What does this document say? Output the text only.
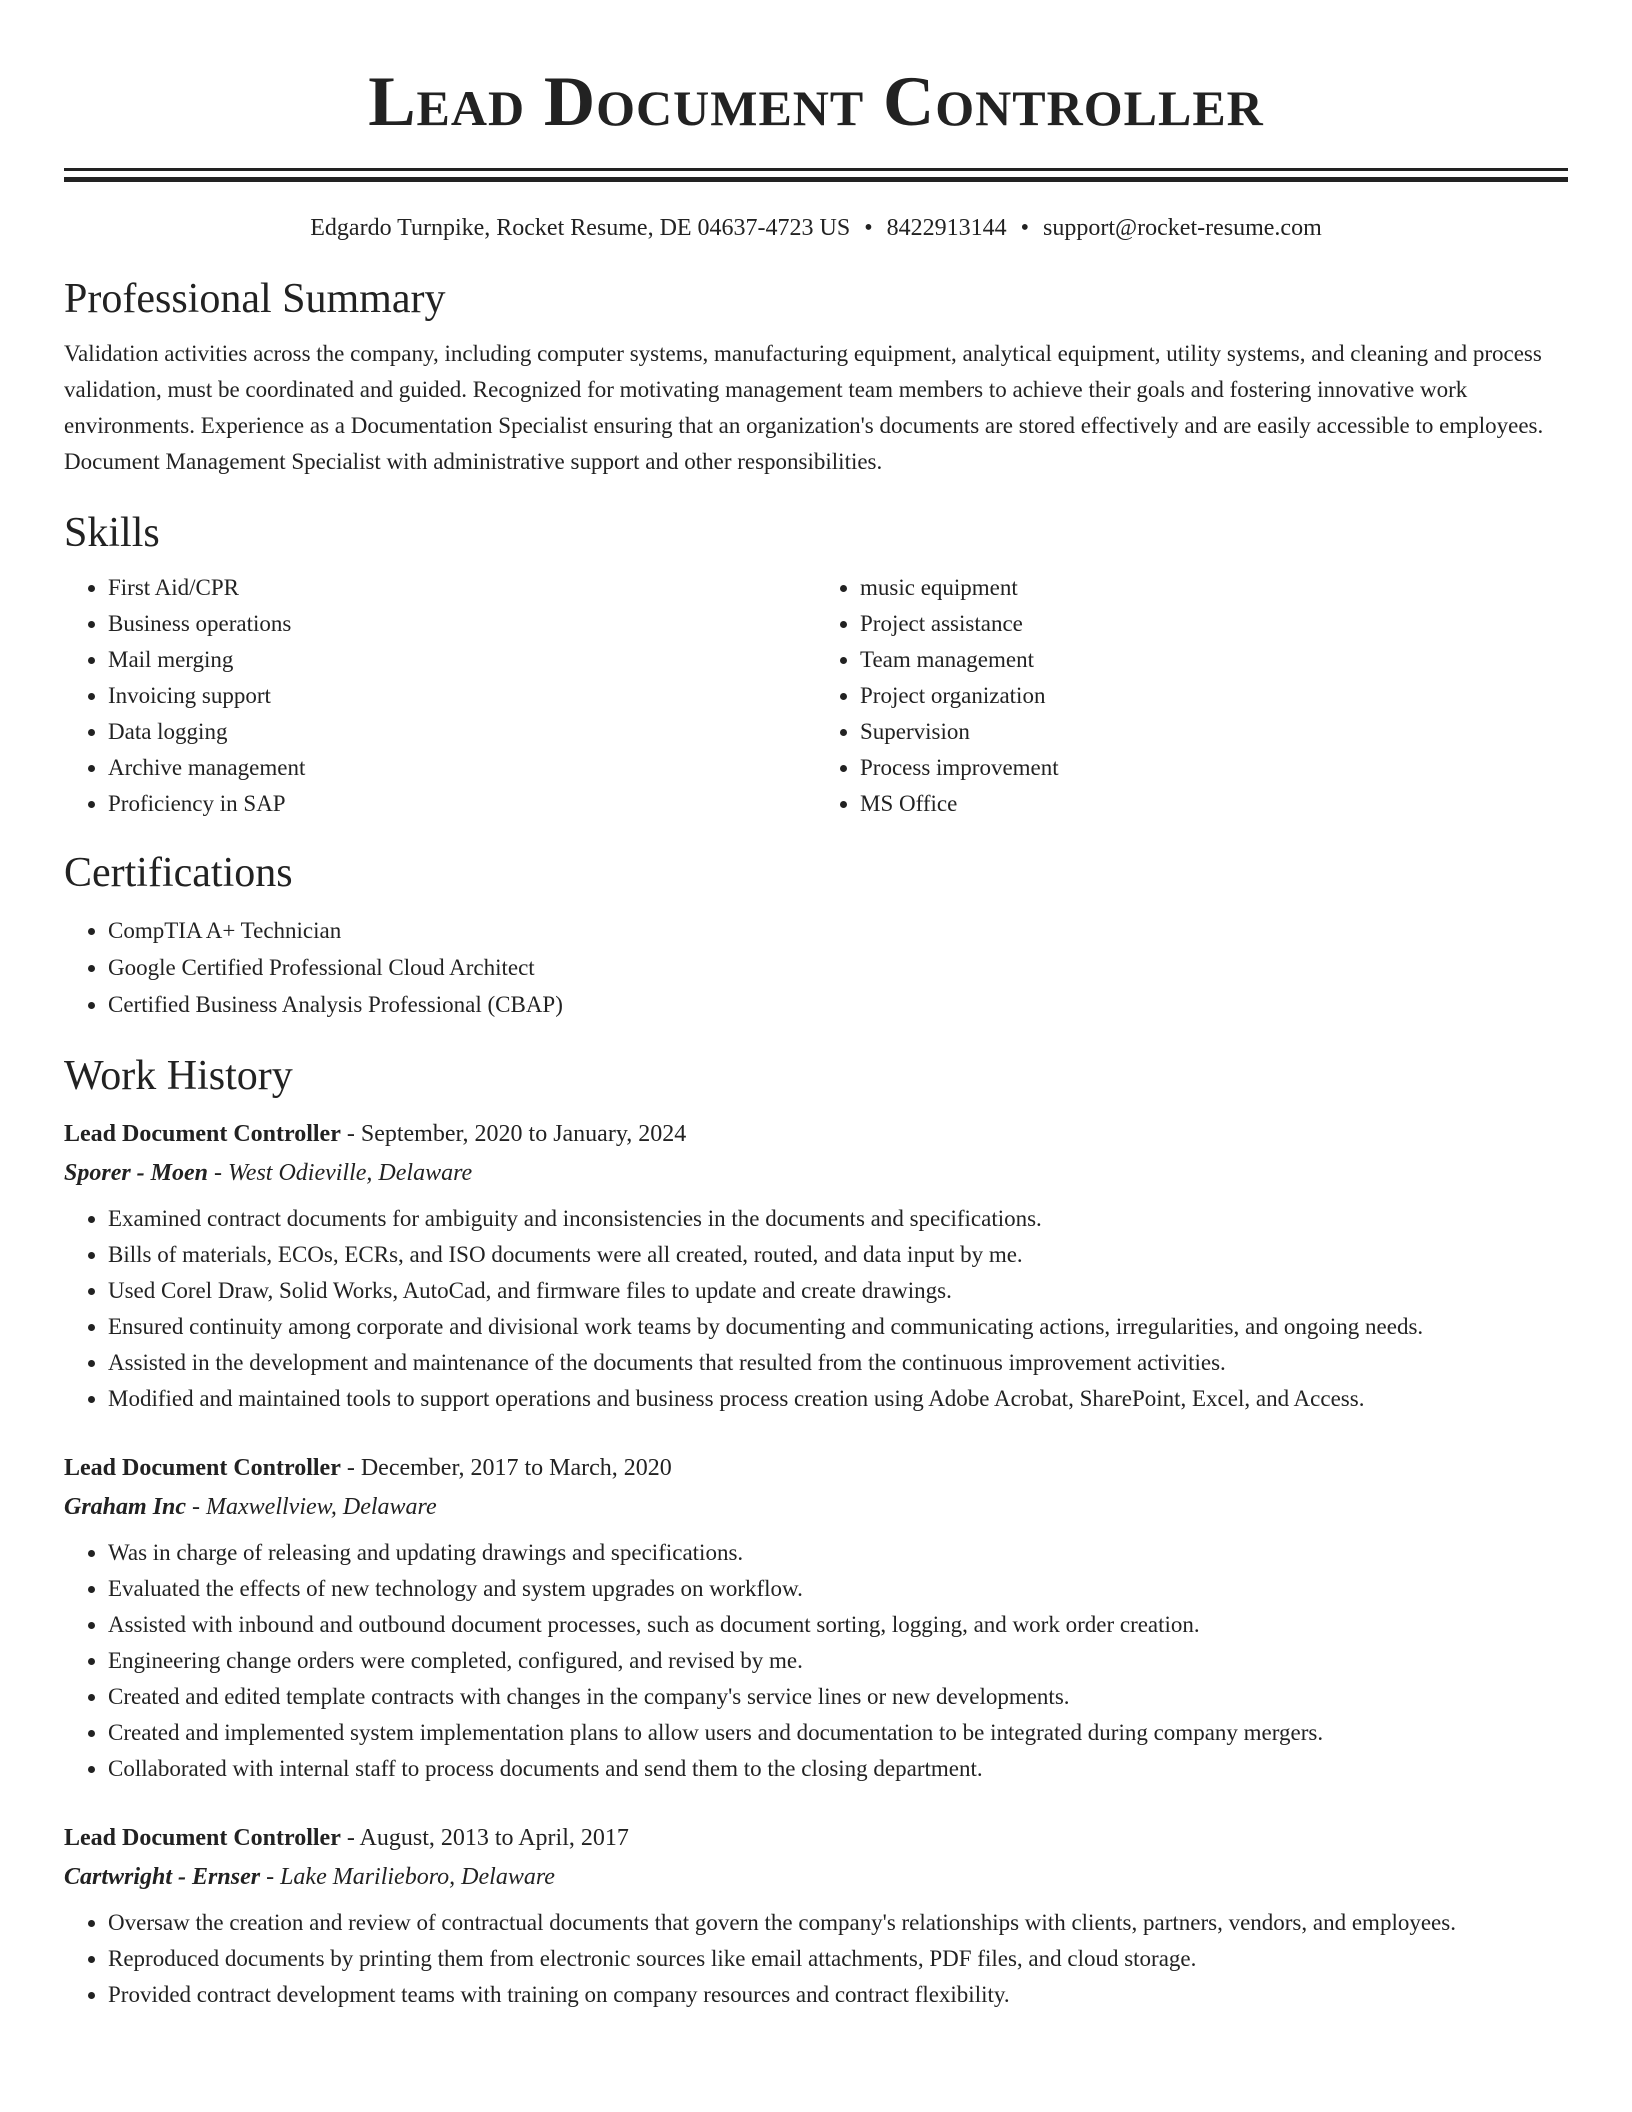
Lead Document Controller
Edgardo Turnpike, Rocket Resume, DE 04637-4723 US • 8422913144 • support@rocket-resume.com
Professional Summary

Validation activities across the company, including computer systems, manufacturing equipment, analytical equipment, utility systems, and cleaning and process validation, must be coordinated and guided. Recognized for motivating management team members to achieve their goals and fostering innovative work environments. Experience as a Documentation Specialist ensuring that an organization's documents are stored effectively and are easily accessible to employees. Document Management Specialist with administrative support and other responsibilities.

Skills
• First Aid/CPR
• Business operations
• Mail merging
• Invoicing support
• Data logging
• Archive management
• Proficiency in SAP
• music equipment
• Project assistance
• Team management
• Project organization
• Supervision
• Process improvement
• MS Office
Certifications
• CompTIA A+ Technician
• Google Certified Professional Cloud Architect
• Certified Business Analysis Professional (CBAP)
Work History
Lead Document Controller - September, 2020 to January, 2024
Sporer - Moen - West Odieville, Delaware
• Examined contract documents for ambiguity and inconsistencies in the documents and specifications.
• Bills of materials, ECOs, ECRs, and ISO documents were all created, routed, and data input by me.
• Used Corel Draw, Solid Works, AutoCad, and firmware files to update and create drawings.
• Ensured continuity among corporate and divisional work teams by documenting and communicating actions, irregularities, and ongoing needs.
• Assisted in the development and maintenance of the documents that resulted from the continuous improvement activities.
• Modified and maintained tools to support operations and business process creation using Adobe Acrobat, SharePoint, Excel, and Access.
Lead Document Controller - December, 2017 to March, 2020
Graham Inc - Maxwellview, Delaware
• Was in charge of releasing and updating drawings and specifications.
• Evaluated the effects of new technology and system upgrades on workflow.
• Assisted with inbound and outbound document processes, such as document sorting, logging, and work order creation.
• Engineering change orders were completed, configured, and revised by me.
• Created and edited template contracts with changes in the company's service lines or new developments.
• Created and implemented system implementation plans to allow users and documentation to be integrated during company mergers.
• Collaborated with internal staff to process documents and send them to the closing department.
Lead Document Controller - August, 2013 to April, 2017
Cartwright - Ernser - Lake Marilieboro, Delaware
• Oversaw the creation and review of contractual documents that govern the company's relationships with clients, partners, vendors, and employees.
• Reproduced documents by printing them from electronic sources like email attachments, PDF files, and cloud storage.
• Provided contract development teams with training on company resources and contract flexibility.
